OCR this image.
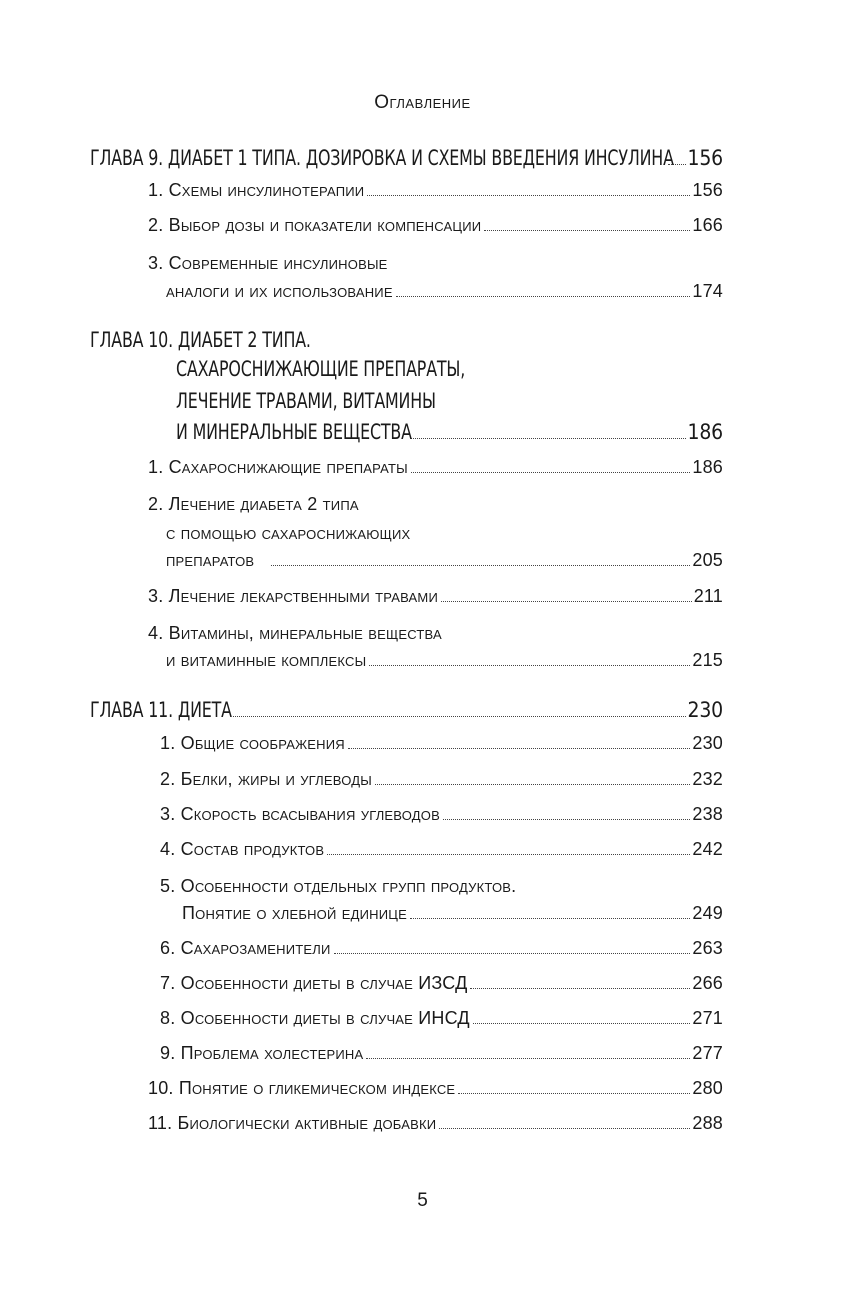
Оглавление
ГЛАВА 9. ДИАБЕТ 1 ТИПА. ДОЗИРОВКА И СХЕМЫ ВВЕДЕНИЯ ИНСУЛИНА 156
1. Схемы инсулинотерапии	156
2. Выбор дозы и показатели компенсации	166
3. Современные инсулиновые
аналоги и их использование	174
ГЛАВА 10. ДИАБЕТ 2 ТИПА.
САХАРОСНИЖАЮЩИЕ ПРЕПАРАТЫ,
ЛЕЧЕНИЕ ТРАВАМИ, ВИТАМИНЫ
И МИНЕРАЛЬНЫЕ ВЕЩЕСТВА	186
1. Сахароснижающие препараты	186
2. Лечение диабета 2 типа
с помощью сахароснижающих
препаратов	205
3. Лечение лекарственными травами	211
4. Витамины, минеральные вещества
и витаминные комплексы	215
ГЛАВА 11. ДИЕТА	230
1. Общие соображения	230
2. Белки, жиры и углеводы	232
3. Скорость всасывания углеводов	238
4. Состав продуктов	242
5. Особенности отдельных групп продуктов.
Понятие о хлебной единице	249
6. Сахарозаменители	263
7. Особенности диеты в случае ИЗСД	266
8. Особенности диеты в случае ИНСД	271
9. Проблема холестерина	277
10. Понятие о гликемическом индексе	280
11. Биологически активные добавки	288
5
